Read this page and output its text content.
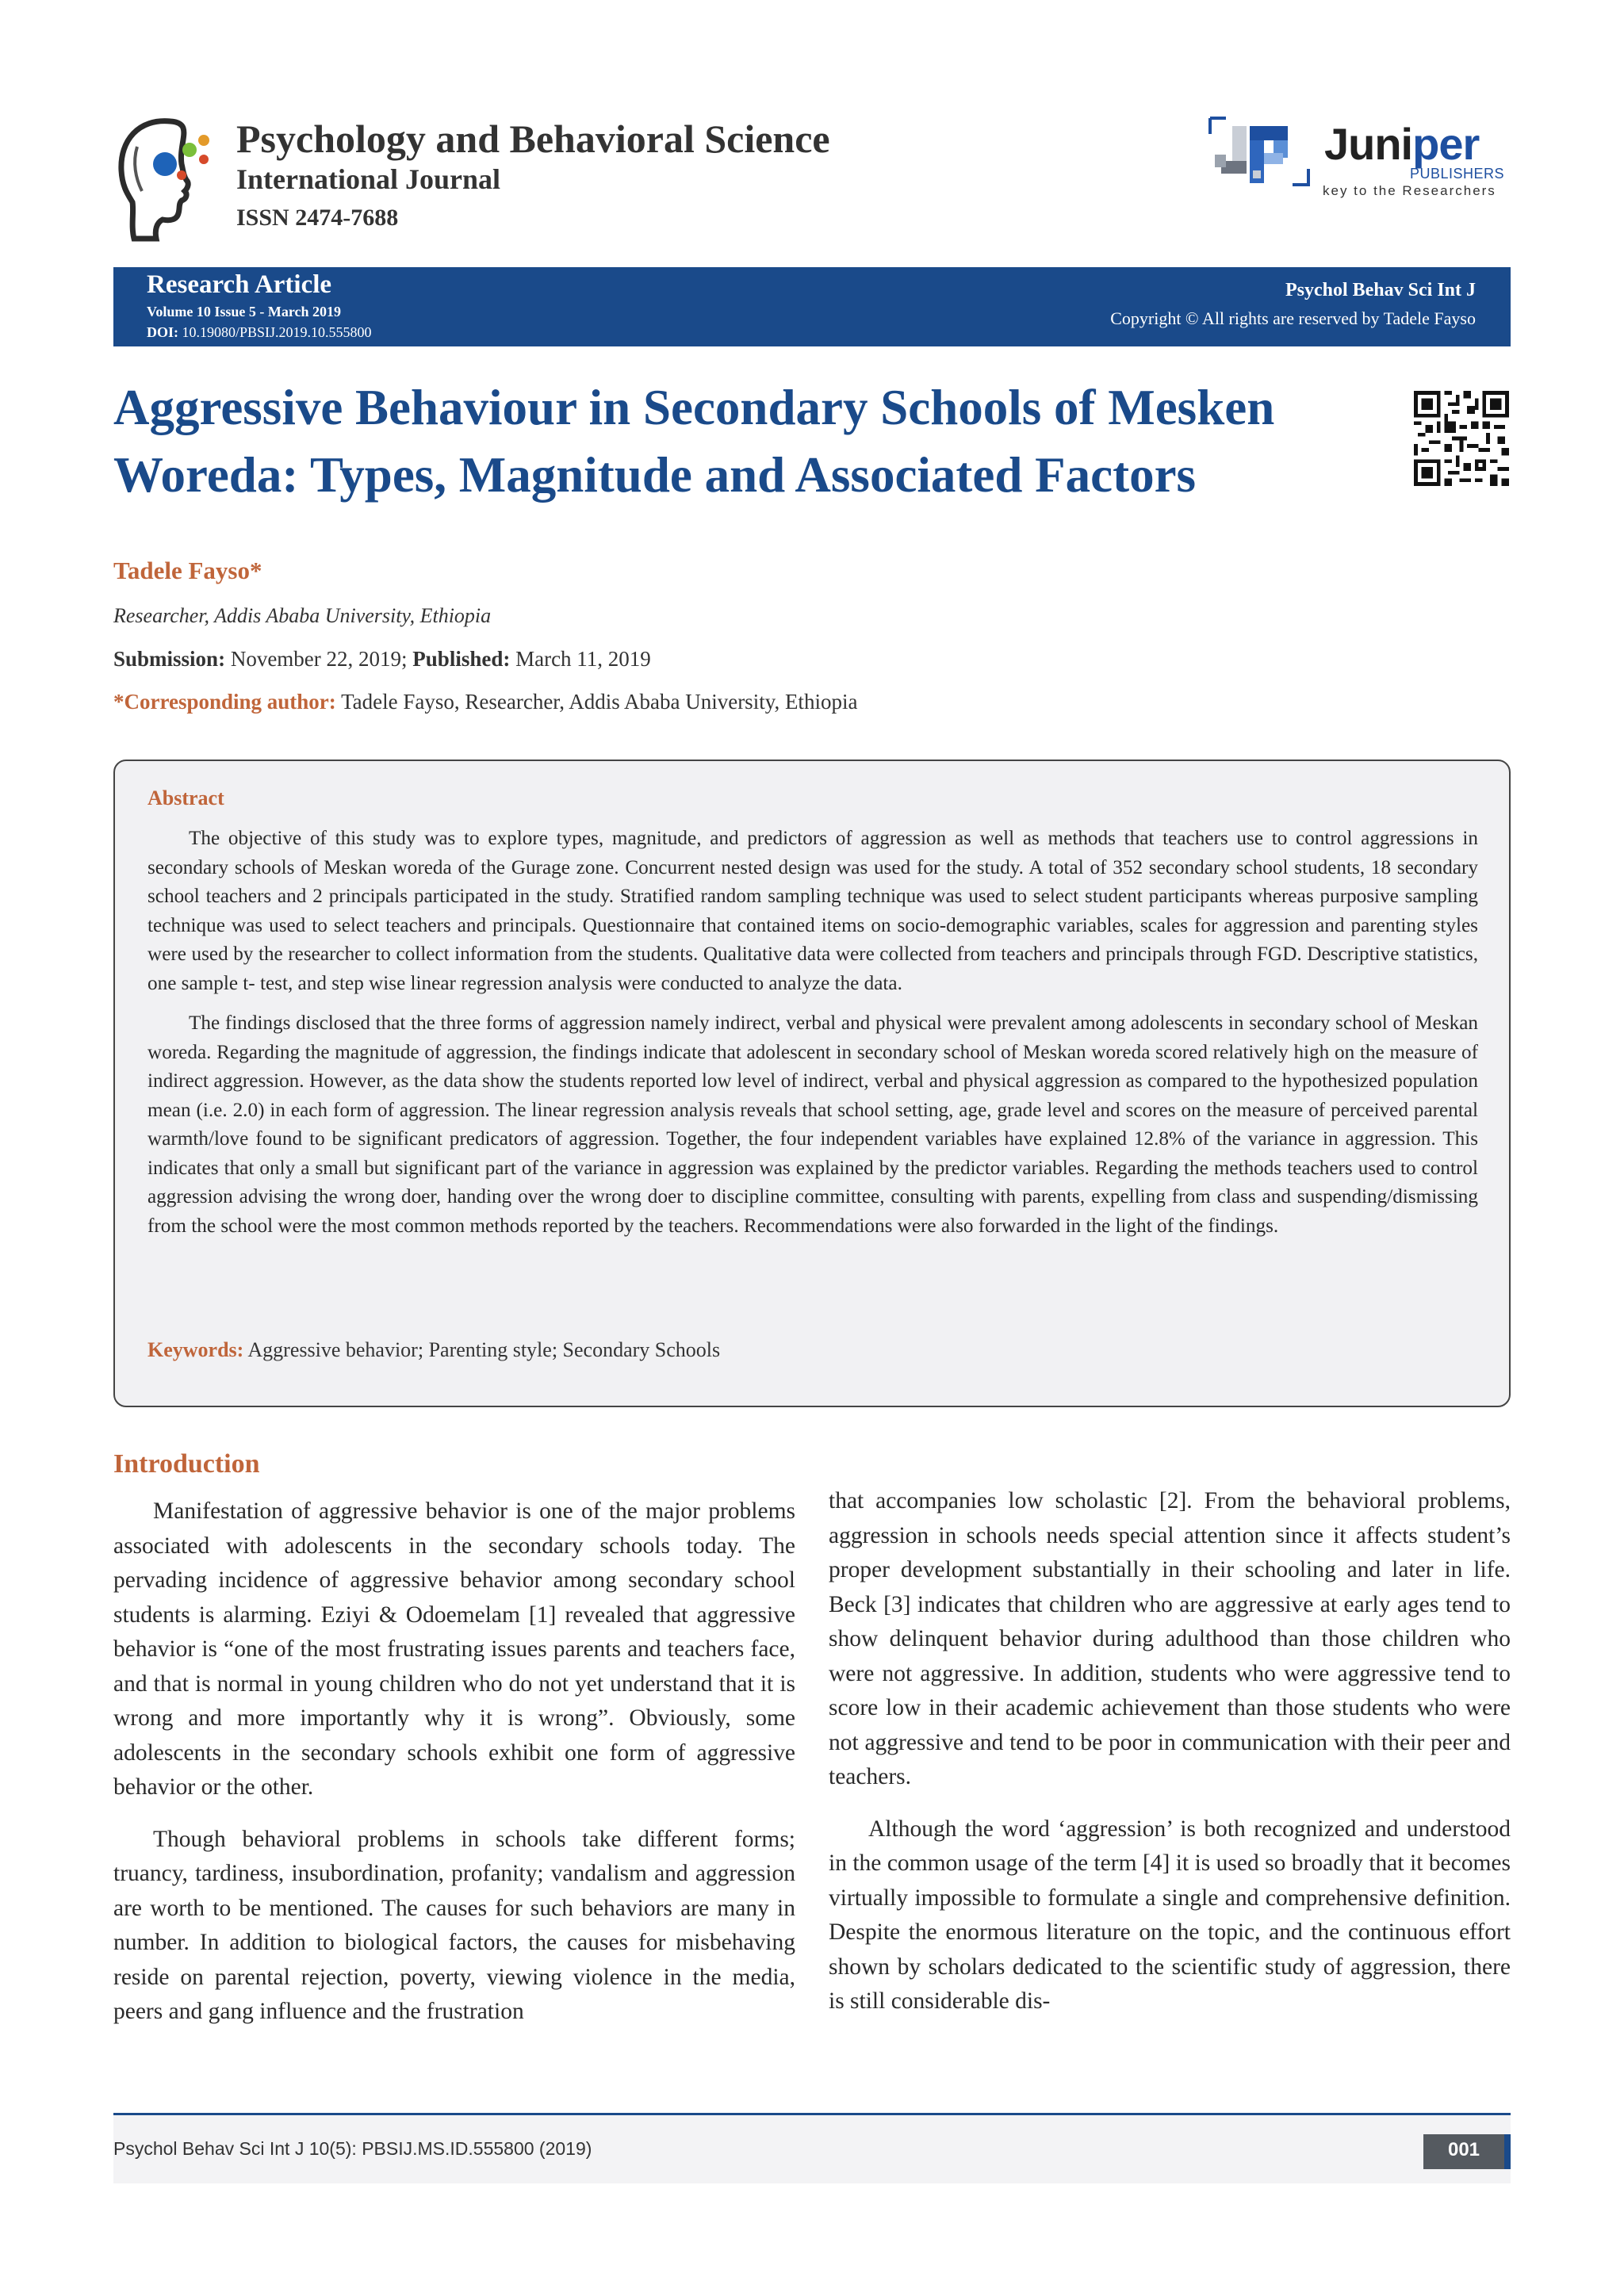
Psychology and Behavioral Science
International Journal
ISSN 2474-7688
Juniper
PUBLISHERS
key to the Researchers
Research Article
Volume 10 Issue 5 - March 2019
DOI: 10.19080/PBSIJ.2019.10.555800
Psychol Behav Sci Int J
Copyright © All rights are reserved by Tadele Fayso
Aggressive Behaviour in Secondary Schools of Mesken Woreda: Types, Magnitude and Associated Factors
Tadele Fayso*
Researcher, Addis Ababa University, Ethiopia
Submission: November 22, 2019; Published: March 11, 2019
*Corresponding author: Tadele Fayso, Researcher, Addis Ababa University, Ethiopia
Abstract

The objective of this study was to explore types, magnitude, and predictors of aggression as well as methods that teachers use to control aggressions in secondary schools of Meskan woreda of the Gurage zone. Concurrent nested design was used for the study. A total of 352 secondary school students, 18 secondary school teachers and 2 principals participated in the study. Stratified random sampling technique was used to select student participants whereas purposive sampling technique was used to select teachers and principals. Questionnaire that contained items on socio-demographic variables, scales for aggression and parenting styles were used by the researcher to collect information from the students. Qualitative data were collected from teachers and principals through FGD. Descriptive statistics, one sample t- test, and step wise linear regression analysis were conducted to analyze the data.

The findings disclosed that the three forms of aggression namely indirect, verbal and physical were prevalent among adolescents in secondary school of Meskan woreda. Regarding the magnitude of aggression, the findings indicate that adolescent in secondary school of Meskan woreda scored relatively high on the measure of indirect aggression. However, as the data show the students reported low level of indirect, verbal and physical aggression as compared to the hypothesized population mean (i.e. 2.0) in each form of aggression. The linear regression analysis reveals that school setting, age, grade level and scores on the measure of perceived parental warmth/love found to be significant predicators of aggression. Together, the four independent variables have explained 12.8% of the variance in aggression. This indicates that only a small but significant part of the variance in aggression was explained by the predictor variables. Regarding the methods teachers used to control aggression advising the wrong doer, handing over the wrong doer to discipline committee, consulting with parents, expelling from class and suspending/dismissing from the school were the most common methods reported by the teachers. Recommendations were also forwarded in the light of the findings.

Keywords: Aggressive behavior; Parenting style; Secondary Schools
Introduction

Manifestation of aggressive behavior is one of the major problems associated with adolescents in the secondary schools today. The pervading incidence of aggressive behavior among secondary school students is alarming. Eziyi & Odoemelam [1] revealed that aggressive behavior is “one of the most frustrating issues parents and teachers face, and that is normal in young children who do not yet understand that it is wrong and more importantly why it is wrong”. Obviously, some adolescents in the secondary schools exhibit one form of aggressive behavior or the other.

Though behavioral problems in schools take different forms; truancy, tardiness, insubordination, profanity; vandalism and aggression are worth to be mentioned. The causes for such behaviors are many in number. In addition to biological factors, the causes for misbehaving reside on parental rejection, poverty, viewing violence in the media, peers and gang influence and the frustration

that accompanies low scholastic [2]. From the behavioral problems, aggression in schools needs special attention since it affects student’s proper development substantially in their schooling and later in life. Beck [3] indicates that children who are aggressive at early ages tend to show delinquent behavior during adulthood than those children who were not aggressive. In addition, students who were aggressive tend to score low in their academic achievement than those students who were not aggressive and tend to be poor in communication with their peer and teachers.

Although the word ‘aggression’ is both recognized and understood in the common usage of the term [4] it is used so broadly that it becomes virtually impossible to formulate a single and comprehensive definition. Despite the enormous literature on the topic, and the continuous effort shown by scholars dedicated to the scientific study of aggression, there is still considerable dis-

Psychol Behav Sci Int J 10(5): PBSIJ.MS.ID.555800 (2019)	001
